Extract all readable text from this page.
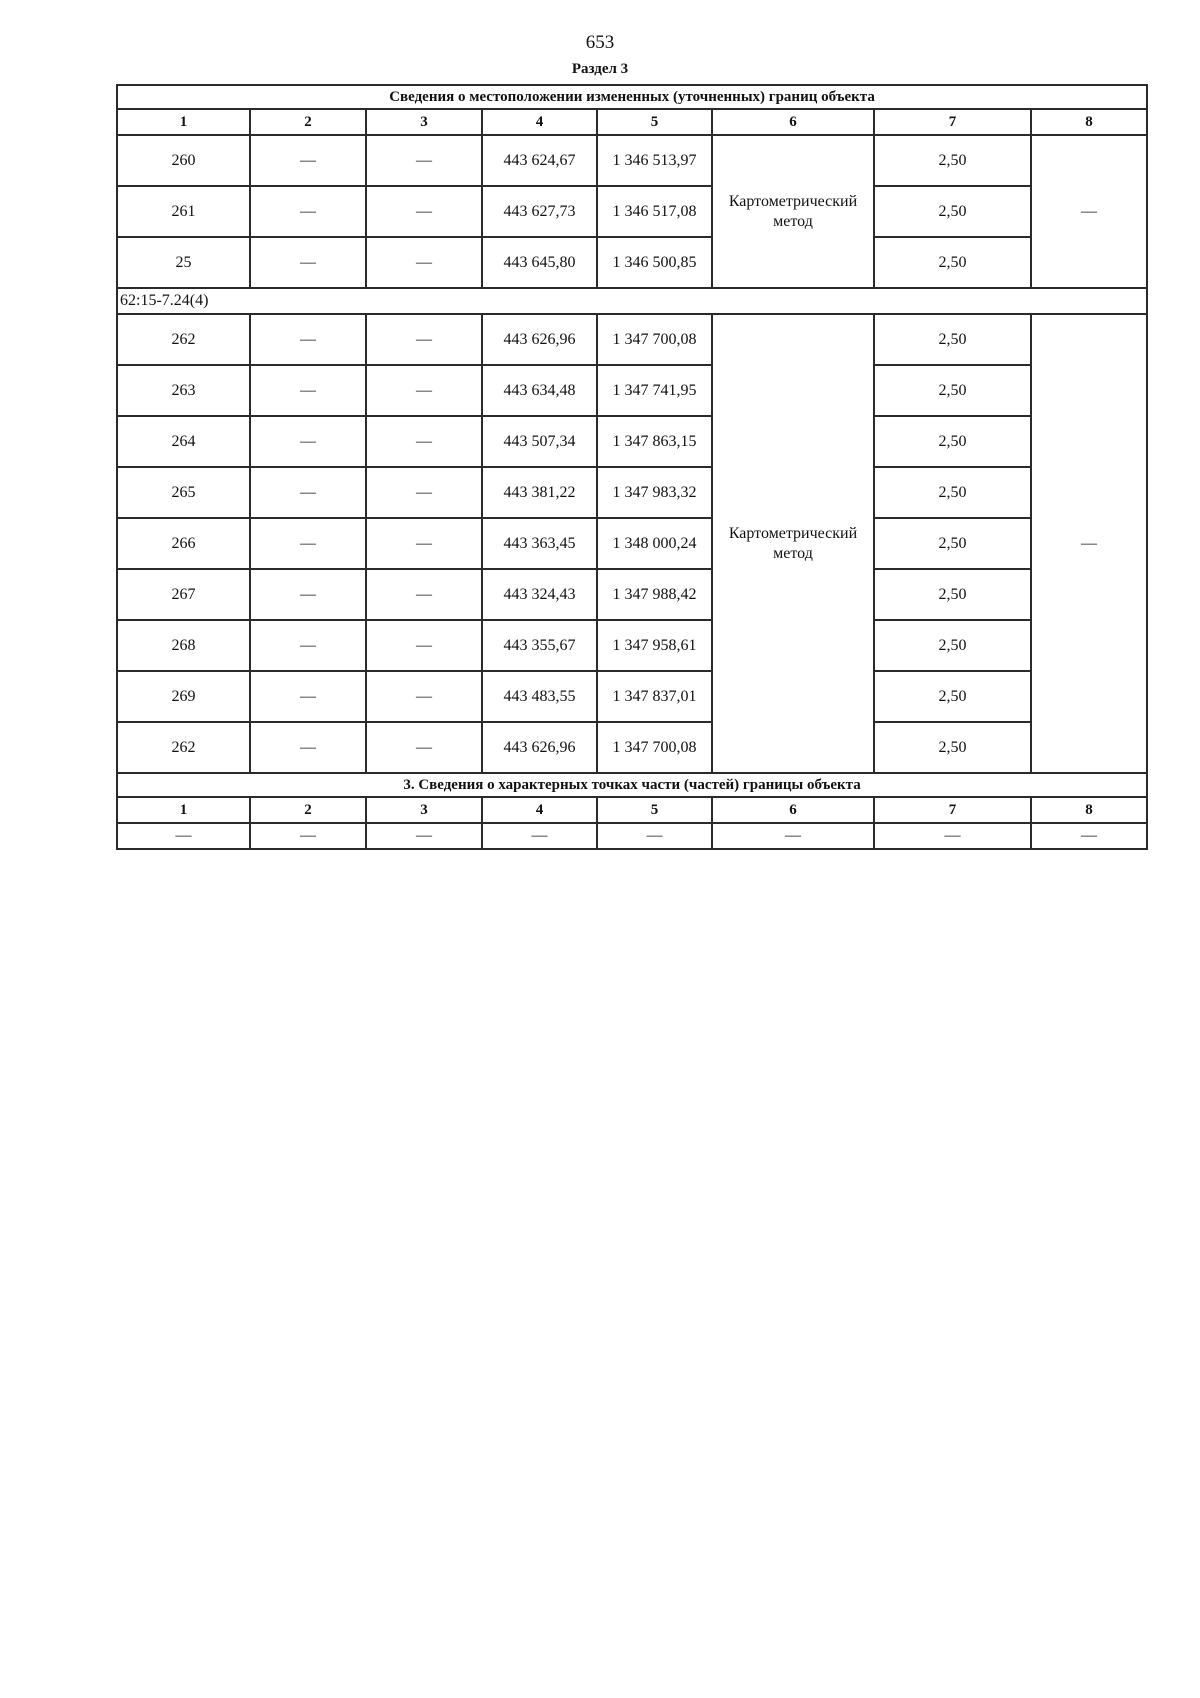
653
Раздел 3
Сведения о местоположении измененных (уточненных) границ объекта							
1	2	3	4	5	6	7	8
260	—	—	443 624,67	1 346 513,97	Картометрический метод	2,50	—
261	—	—	443 627,73	1 346 517,08		2,50	
25	—	—	443 645,80	1 346 500,85		2,50	
62:15-7.24(4)							
262	—	—	443 626,96	1 347 700,08	Картометрический метод	2,50	—
263	—	—	443 634,48	1 347 741,95		2,50	
264	—	—	443 507,34	1 347 863,15		2,50	
265	—	—	443 381,22	1 347 983,32		2,50	
266	—	—	443 363,45	1 348 000,24		2,50	
267	—	—	443 324,43	1 347 988,42		2,50	
268	—	—	443 355,67	1 347 958,61		2,50	
269	—	—	443 483,55	1 347 837,01		2,50	
262	—	—	443 626,96	1 347 700,08		2,50	
3. Сведения о характерных точках части (частей) границы объекта							
1	2	3	4	5	6	7	8
—	—	—	—	—	—	—	—
